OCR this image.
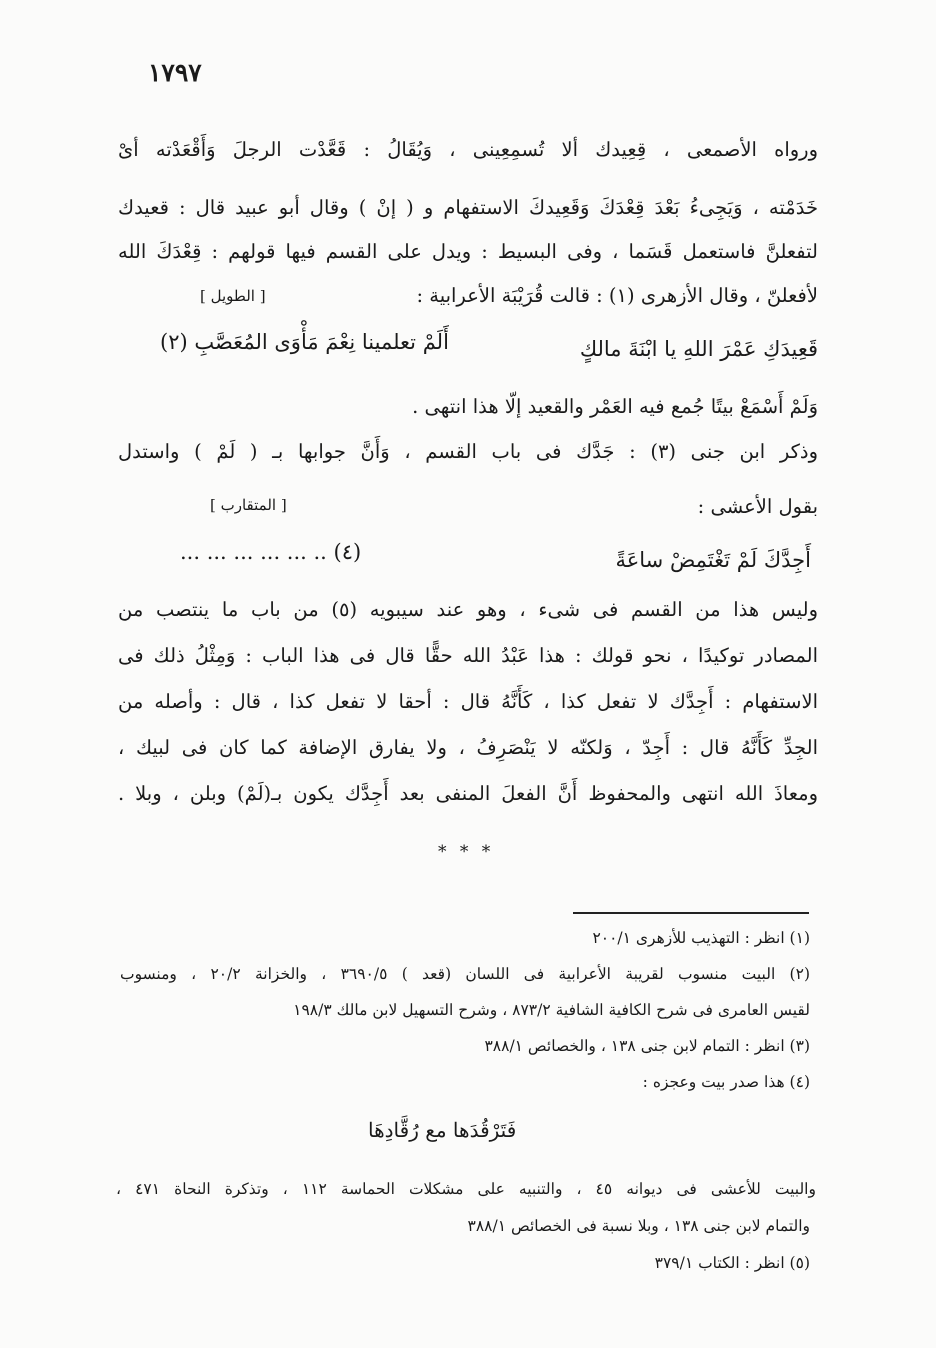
١٧٩٧
ورواه الأصمعى ، قِعِيدك ألا تُسمِعِينى ، وَيُقَالُ : قَعَّدْت الرجلَ وَأَقْعَدْته أىْ
خَدَمْته ، وَيَجِىءُ بَعْدَ قِعْدَكَ وَقَعِيدكَ الاستفهام و ( إنْ ) وقال أبو عبيد قال : قعيدك
لتفعلنَّ فاستعمل قَسَما ، وفى البسيط : ويدل على القسم فيها قولهم : قِعْدَكَ الله
لأفعلنّ ، وقال الأزهرى (١) : قالت قُرَيْبَة الأعرابية :
[ الطويل ]
قَعِيدَكِ عَمْرَ اللهِ يا ابْنَةَ مالكٍ
أَلَمْ تعلمينا نِعْمَ مَأْوَى المُعَصَّبِ (٢)
وَلَمْ أَسْمَعْ بيتًا جُمع فيه العَمْر والقعيد إلّا هذا انتهى .
وذكر ابن جنى (٣) : جَدَّك فى باب القسم ، وَأَنَّ جوابها بـ ( لَمْ ) واستدل
بقول الأعشى :
[ المتقارب ]
أَجِدَّكَ لَمْ تَغْتَمِضْ ساعَةً
(٤) .. ... ... ... ... ...
وليس هذا من القسم فى شىء ، وهو عند سيبويه (٥) من باب ما ينتصب من
المصادر توكيدًا ، نحو قولك : هذا عَبْدُ الله حقًّا قال فى هذا الباب : وَمِثْلُ ذلك فى
الاستفهام : أَجِدَّك لا تفعل كذا ، كَأَنَّهُ قال : أحقا لا تفعل كذا ، قال : وأصله من
الجِدِّ كَأَنَّهُ قال : أَجِدّ ، وَلكنّه لا يَنْصَرِفُ ، ولا يفارق الإضافة كما كان فى لبيك ،
ومعاذَ الله انتهى والمحفوظ أَنَّ الفعلَ المنفى بعد أَجِدَّك يكون بـ(لَمْ) وبلن ، وبلا .
* * *
(١) انظر : التهذيب للأزهرى ٢٠٠/١
(٢) البيت منسوب لقريبة الأعرابية فى اللسان (قعد ) ٣٦٩٠/٥ ، والخزانة ٢٠/٢ ، ومنسوب
لقيس العامرى فى شرح الكافية الشافية ٨٧٣/٢ ، وشرح التسهيل لابن مالك ١٩٨/٣
(٣) انظر : التمام لابن جنى ١٣٨ ، والخصائص ٣٨٨/١
(٤) هذا صدر بيت وعجزه :
فَتَرْقُدَها مع رُقَّادِهَا
والبيت للأعشى فى ديوانه ٤٥ ، والتنبيه على مشكلات الحماسة ١١٢ ، وتذكرة النحاة ٤٧١ ،
والتمام لابن جنى ١٣٨ ، وبلا نسبة فى الخصائص ٣٨٨/١
(٥) انظر : الكتاب ٣٧٩/١
